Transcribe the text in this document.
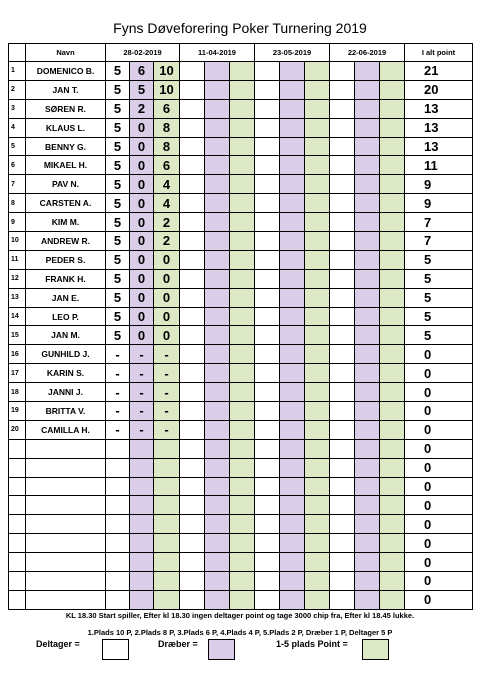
Fyns Døveforering Poker Turnering 2019
	Navn	28-02-2019			11-04-2019			23-05-2019			22-06-2019			I alt point
1	DOMENICO B.	5	6	10										21
2	JAN T.	5	5	10										20
3	SØREN R.	5	2	6										13
4	KLAUS L.	5	0	8										13
5	BENNY G.	5	0	8										13
6	MIKAEL H.	5	0	6										11
7	PAV N.	5	0	4										9
8	CARSTEN A.	5	0	4										9
9	KIM M.	5	0	2										7
10	ANDREW R.	5	0	2										7
11	PEDER S.	5	0	0										5
12	FRANK H.	5	0	0										5
13	JAN E.	5	0	0										5
14	LEO P.	5	0	0										5
15	JAN M.	5	0	0										5
16	GUNHILD J.	-	-	-										0
17	KARIN S.	-	-	-										0
18	JANNI J.	-	-	-										0
19	BRITTA V.	-	-	-										0
20	CAMILLA H.	-	-	-										0
														0
														0
														0
														0
														0
														0
														0
														0
														0
KL 18.30 Start spiller, Efter kl 18.30 ingen deltager point og tage 3000 chip fra, Efter kl 18.45 lukke.
1.Plads 10 P, 2.Plads 8 P, 3.Plads 6 P, 4.Plads 4 P, 5.Plads 2 P, Dræber 1 P, Deltager 5 P
Deltager =	Dræber =	1-5 plads Point =
